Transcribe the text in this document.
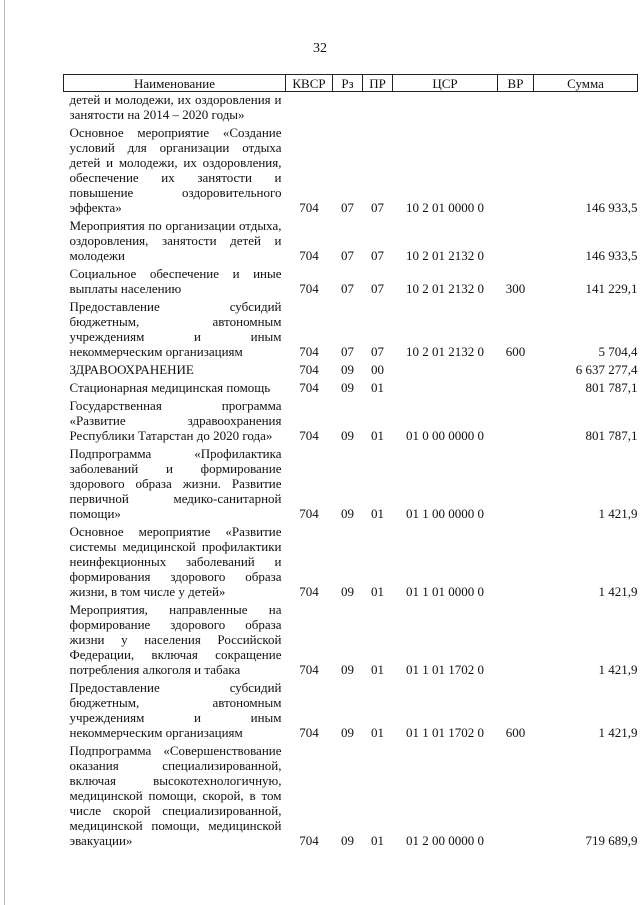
32
Наименование	КВСР	Рз	ПР	ЦСР	ВР	Сумма
детей и молодежи, их оздоровления и занятости на 2014 – 2020 годы»						
Основное мероприятие «Создание условий для организации отдыха детей и молодежи, их оздоровления, обеспечение их занятости и повышение оздоровительного эффекта»	704	07	07	10 2 01 0000 0		146 933,5
Мероприятия по организации отдыха, оздоровления, занятости детей и молодежи	704	07	07	10 2 01 2132 0		146 933,5
Социальное обеспечение и иные выплаты населению	704	07	07	10 2 01 2132 0	300	141 229,1
Предоставление субсидий бюджетным, автономным учреждениям и иным некоммерческим организациям	704	07	07	10 2 01 2132 0	600	5 704,4
ЗДРАВООХРАНЕНИЕ	704	09	00			6 637 277,4
Стационарная медицинская помощь	704	09	01			801 787,1
Государственная программа «Развитие здравоохранения Республики Татарстан до 2020 года»	704	09	01	01 0 00 0000 0		801 787,1
Подпрограмма «Профилактика заболеваний и формирование здорового образа жизни. Развитие первичной медико-санитарной помощи»	704	09	01	01 1 00 0000 0		1 421,9
Основное мероприятие «Развитие системы медицинской профилактики неинфекционных заболеваний и формирования здорового образа жизни, в том числе у детей»	704	09	01	01 1 01 0000 0		1 421,9
Мероприятия, направленные на формирование здорового образа жизни у населения Российской Федерации, включая сокращение потребления алкоголя и табака	704	09	01	01 1 01 1702 0		1 421,9
Предоставление субсидий бюджетным, автономным учреждениям и иным некоммерческим организациям	704	09	01	01 1 01 1702 0	600	1 421,9
Подпрограмма «Совершенствование оказания специализированной, включая высокотехнологичную, медицинской помощи, скорой, в том числе скорой специализированной, медицинской помощи, медицинской эвакуации»	704	09	01	01 2 00 0000 0		719 689,9
